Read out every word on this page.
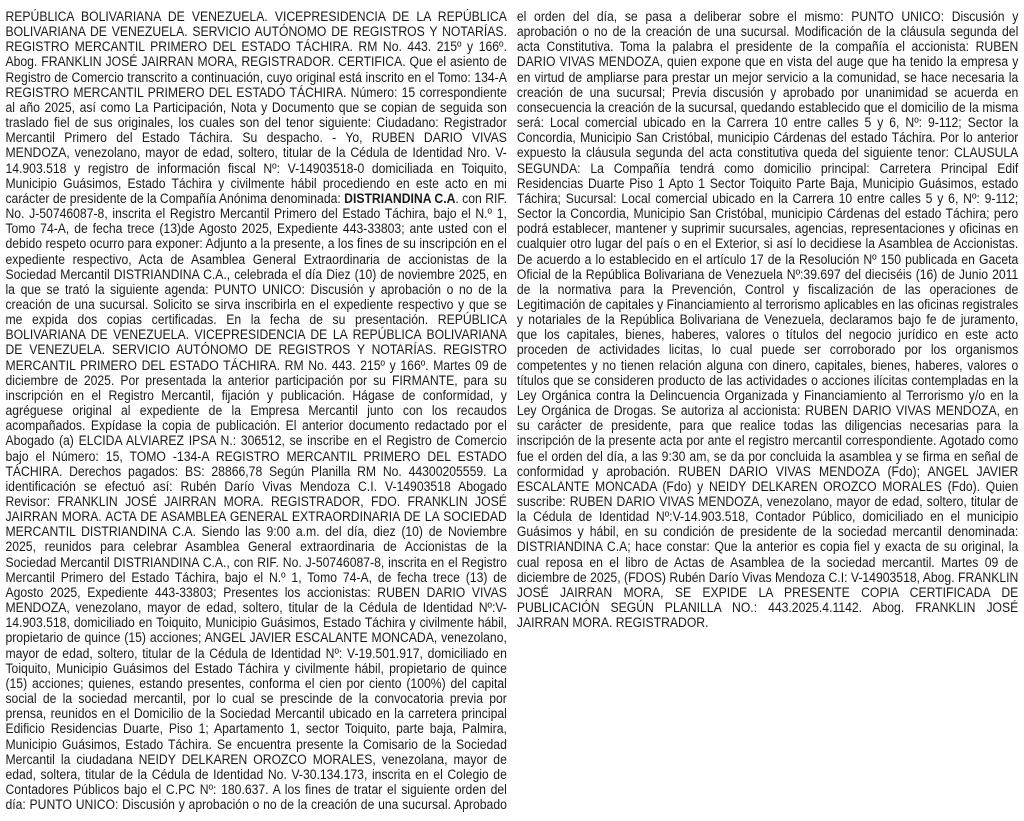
REPÚBLICA BOLIVARIANA DE VENEZUELA. VICEPRESIDENCIA DE LA REPÚBLICA BOLIVARIANA DE VENEZUELA. SERVICIO AUTÓNOMO DE REGISTROS Y NOTARÍAS. REGISTRO MERCANTIL PRIMERO DEL ESTADO TÁCHIRA. RM No. 443. 215º y 166º. Abog. FRANKLIN JOSÉ JAIRRAN MORA, REGISTRADOR. CERTIFICA. Que el asiento de Registro de Comercio transcrito a continuación, cuyo original está inscrito en el Tomo: 134-A REGISTRO MERCANTIL PRIMERO DEL ESTADO TÁCHIRA. Número: 15 correspondiente al año 2025, así como La Participación, Nota y Documento que se copian de seguida son traslado fiel de sus originales, los cuales son del tenor siguiente: Ciudadano: Registrador Mercantil Primero del Estado Táchira. Su despacho. - Yo, RUBEN DARIO VIVAS MENDOZA, venezolano, mayor de edad, soltero, titular de la Cédula de Identidad Nro. V-14.903.518 y registro de información fiscal Nº: V-14903518-0 domiciliada en Toiquito, Municipio Guásimos, Estado Táchira y civilmente hábil procediendo en este acto en mi carácter de presidente de la Compañía Anónima denominada: DISTRIANDINA C.A. con RIF. No. J-50746087-8, inscrita el Registro Mercantil Primero del Estado Táchira, bajo el N.º 1, Tomo 74-A, de fecha trece (13)de Agosto 2025, Expediente 443-33803; ante usted con el debido respeto ocurro para exponer: Adjunto a la presente, a los fines de su inscripción en el expediente respectivo, Acta de Asamblea General Extraordinaria de accionistas de la Sociedad Mercantil DISTRIANDINA C.A., celebrada el día Diez (10) de noviembre 2025, en la que se trató la siguiente agenda: PUNTO UNICO: Discusión y aprobación o no de la creación de una sucursal. Solicito se sirva inscribirla en el expediente respectivo y que se me expida dos copias certificadas. En la fecha de su presentación. REPÚBLICA BOLIVARIANA DE VENEZUELA. VICEPRESIDENCIA DE LA REPÚBLICA BOLIVARIANA DE VENEZUELA. SERVICIO AUTÓNOMO DE REGISTROS Y NOTARÍAS. REGISTRO MERCANTIL PRIMERO DEL ESTADO TÁCHIRA. RM No. 443. 215º y 166º. Martes 09 de diciembre de 2025. Por presentada la anterior participación por su FIRMANTE, para su inscripción en el Registro Mercantil, fijación y publicación. Hágase de conformidad, y agréguese original al expediente de la Empresa Mercantil junto con los recaudos acompañados. Expídase la copia de publicación. El anterior documento redactado por el Abogado (a) ELCIDA ALVIAREZ IPSA N.: 306512, se inscribe en el Registro de Comercio bajo el Número: 15, TOMO -134-A REGISTRO MERCANTIL PRIMERO DEL ESTADO TÁCHIRA. Derechos pagados: BS: 28866,78 Según Planilla RM No. 44300205559. La identificación se efectuó así: Rubén Darío Vivas Mendoza C.I. V-14903518 Abogado Revisor: FRANKLIN JOSÉ JAIRRAN MORA. REGISTRADOR, FDO. FRANKLIN JOSÉ JAIRRAN MORA. ACTA DE ASAMBLEA GENERAL EXTRAORDINARIA DE LA SOCIEDAD MERCANTIL DISTRIANDINA C.A. Siendo las 9:00 a.m. del día, diez (10) de Noviembre 2025, reunidos para celebrar Asamblea General extraordinaria de Accionistas de la Sociedad Mercantil DISTRIANDINA C.A., con RIF. No. J-50746087-8, inscrita en el Registro Mercantil Primero del Estado Táchira, bajo el N.º 1, Tomo 74-A, de fecha trece (13) de Agosto 2025, Expediente 443-33803; Presentes los accionistas: RUBEN DARIO VIVAS MENDOZA, venezolano, mayor de edad, soltero, titular de la Cédula de Identidad Nº:V-14.903.518, domiciliado en Toiquito, Municipio Guásimos, Estado Táchira y civilmente hábil, propietario de quince (15) acciones; ANGEL JAVIER ESCALANTE MONCADA, venezolano, mayor de edad, soltero, titular de la Cédula de Identidad Nº: V-19.501.917, domiciliado en Toiquito, Municipio Guásimos del Estado Táchira y civilmente hábil, propietario de quince (15) acciones; quienes, estando presentes, conforma el cien por ciento (100%) del capital social de la sociedad mercantil, por lo cual se prescinde de la convocatoria previa por prensa, reunidos en el Domicilio de la Sociedad Mercantil ubicado en la carretera principal Edificio Residencias Duarte, Piso 1; Apartamento 1, sector Toiquito, parte baja, Palmira, Municipio Guásimos, Estado Táchira. Se encuentra presente la Comisario de la Sociedad Mercantil la ciudadana NEIDY DELKAREN OROZCO MORALES, venezolana, mayor de edad, soltera, titular de la Cédula de Identidad No. V-30.134.173, inscrita en el Colegio de Contadores Públicos bajo el C.PC Nº: 180.637. A los fines de tratar el siguiente orden del día: PUNTO UNICO: Discusión y aprobación o no de la creación de una sucursal. Aprobado el orden del día, se pasa a deliberar sobre el mismo: PUNTO UNICO: Discusión y aprobación o no de la creación de una sucursal. Modificación de la cláusula segunda del acta Constitutiva. Toma la palabra el presidente de la compañía el accionista: RUBEN DARIO VIVAS MENDOZA, quien expone que en vista del auge que ha tenido la empresa y en virtud de ampliarse para prestar un mejor servicio a la comunidad, se hace necesaria la creación de una sucursal; Previa discusión y aprobado por unanimidad se acuerda en consecuencia la creación de la sucursal, quedando establecido que el domicilio de la misma será: Local comercial ubicado en la Carrera 10 entre calles 5 y 6, Nº: 9-112; Sector la Concordia, Municipio San Cristóbal, municipio Cárdenas del estado Táchira. Por lo anterior expuesto la cláusula segunda del acta constitutiva queda del siguiente tenor: CLAUSULA SEGUNDA: La Compañía tendrá como domicilio principal: Carretera Principal Edif Residencias Duarte Piso 1 Apto 1 Sector Toiquito Parte Baja, Municipio Guásimos, estado Táchira; Sucursal: Local comercial ubicado en la Carrera 10 entre calles 5 y 6, Nº: 9-112; Sector la Concordia, Municipio San Cristóbal, municipio Cárdenas del estado Táchira; pero podrá establecer, mantener y suprimir sucursales, agencias, representaciones y oficinas en cualquier otro lugar del país o en el Exterior, si así lo decidiese la Asamblea de Accionistas. De acuerdo a lo establecido en el artículo 17 de la Resolución Nº 150 publicada en Gaceta Oficial de la República Bolivariana de Venezuela Nº:39.697 del dieciséis (16) de Junio 2011 de la normativa para la Prevención, Control y fiscalización de las operaciones de Legitimación de capitales y Financiamiento al terrorismo aplicables en las oficinas registrales y notariales de la República Bolivariana de Venezuela, declaramos bajo fe de juramento, que los capitales, bienes, haberes, valores o títulos del negocio jurídico en este acto proceden de actividades licitas, lo cual puede ser corroborado por los organismos competentes y no tienen relación alguna con dinero, capitales, bienes, haberes, valores o títulos que se consideren producto de las actividades o acciones ilícitas contempladas en la Ley Orgánica contra la Delincuencia Organizada y Financiamiento al Terrorismo y/o en la Ley Orgánica de Drogas. Se autoriza al accionista: RUBEN DARIO VIVAS MENDOZA, en su carácter de presidente, para que realice todas las diligencias necesarias para la inscripción de la presente acta por ante el registro mercantil correspondiente. Agotado como fue el orden del día, a las 9:30 am, se da por concluida la asamblea y se firma en señal de conformidad y aprobación. RUBEN DARIO VIVAS MENDOZA (Fdo); ANGEL JAVIER ESCALANTE MONCADA (Fdo) y NEIDY DELKAREN OROZCO MORALES (Fdo). Quien suscribe: RUBEN DARIO VIVAS MENDOZA, venezolano, mayor de edad, soltero, titular de la Cédula de Identidad Nº:V-14.903.518, Contador Público, domiciliado en el municipio Guásimos y hábil, en su condición de presidente de la sociedad mercantil denominada: DISTRIANDINA C.A; hace constar: Que la anterior es copia fiel y exacta de su original, la cual reposa en el libro de Actas de Asamblea de la sociedad mercantil. Martes 09 de diciembre de 2025, (FDOS) Rubén Darío Vivas Mendoza C.I: V-14903518, Abog. FRANKLIN JOSÉ JAIRRAN MORA, SE EXPIDE LA PRESENTE COPIA CERTIFICADA DE PUBLICACIÓN SEGÚN PLANILLA NO.: 443.2025.4.1142. Abog. FRANKLIN JOSÉ JAIRRAN MORA. REGISTRADOR.
